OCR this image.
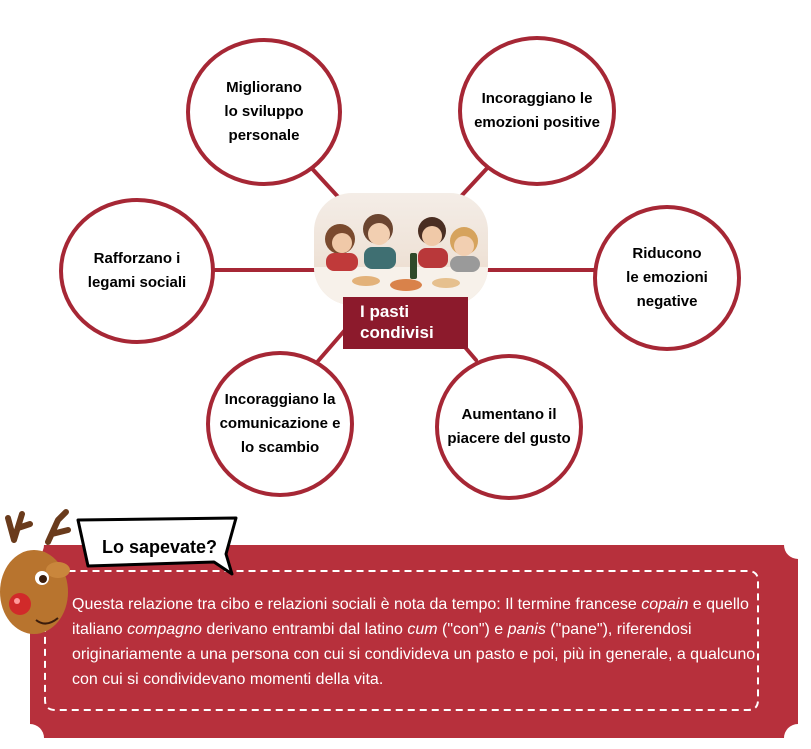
I pasti
condivisi
Migliorano
lo sviluppo
personale
Incoraggiano le
emozioni positive
Rafforzano i
legami sociali
Riducono
le emozioni
negative
Incoraggiano la
comunicazione e
lo scambio
Aumentano il
piacere del gusto
Lo sapevate?
Questa relazione tra cibo e relazioni sociali è nota da tempo: Il termine francese copain e quello italiano compagno derivano entrambi dal latino cum ("con") e panis ("pane"), riferendosi originariamente a una persona con cui si condivideva un pasto e poi, più in generale, a qualcuno con cui si condividevano momenti della vita.
